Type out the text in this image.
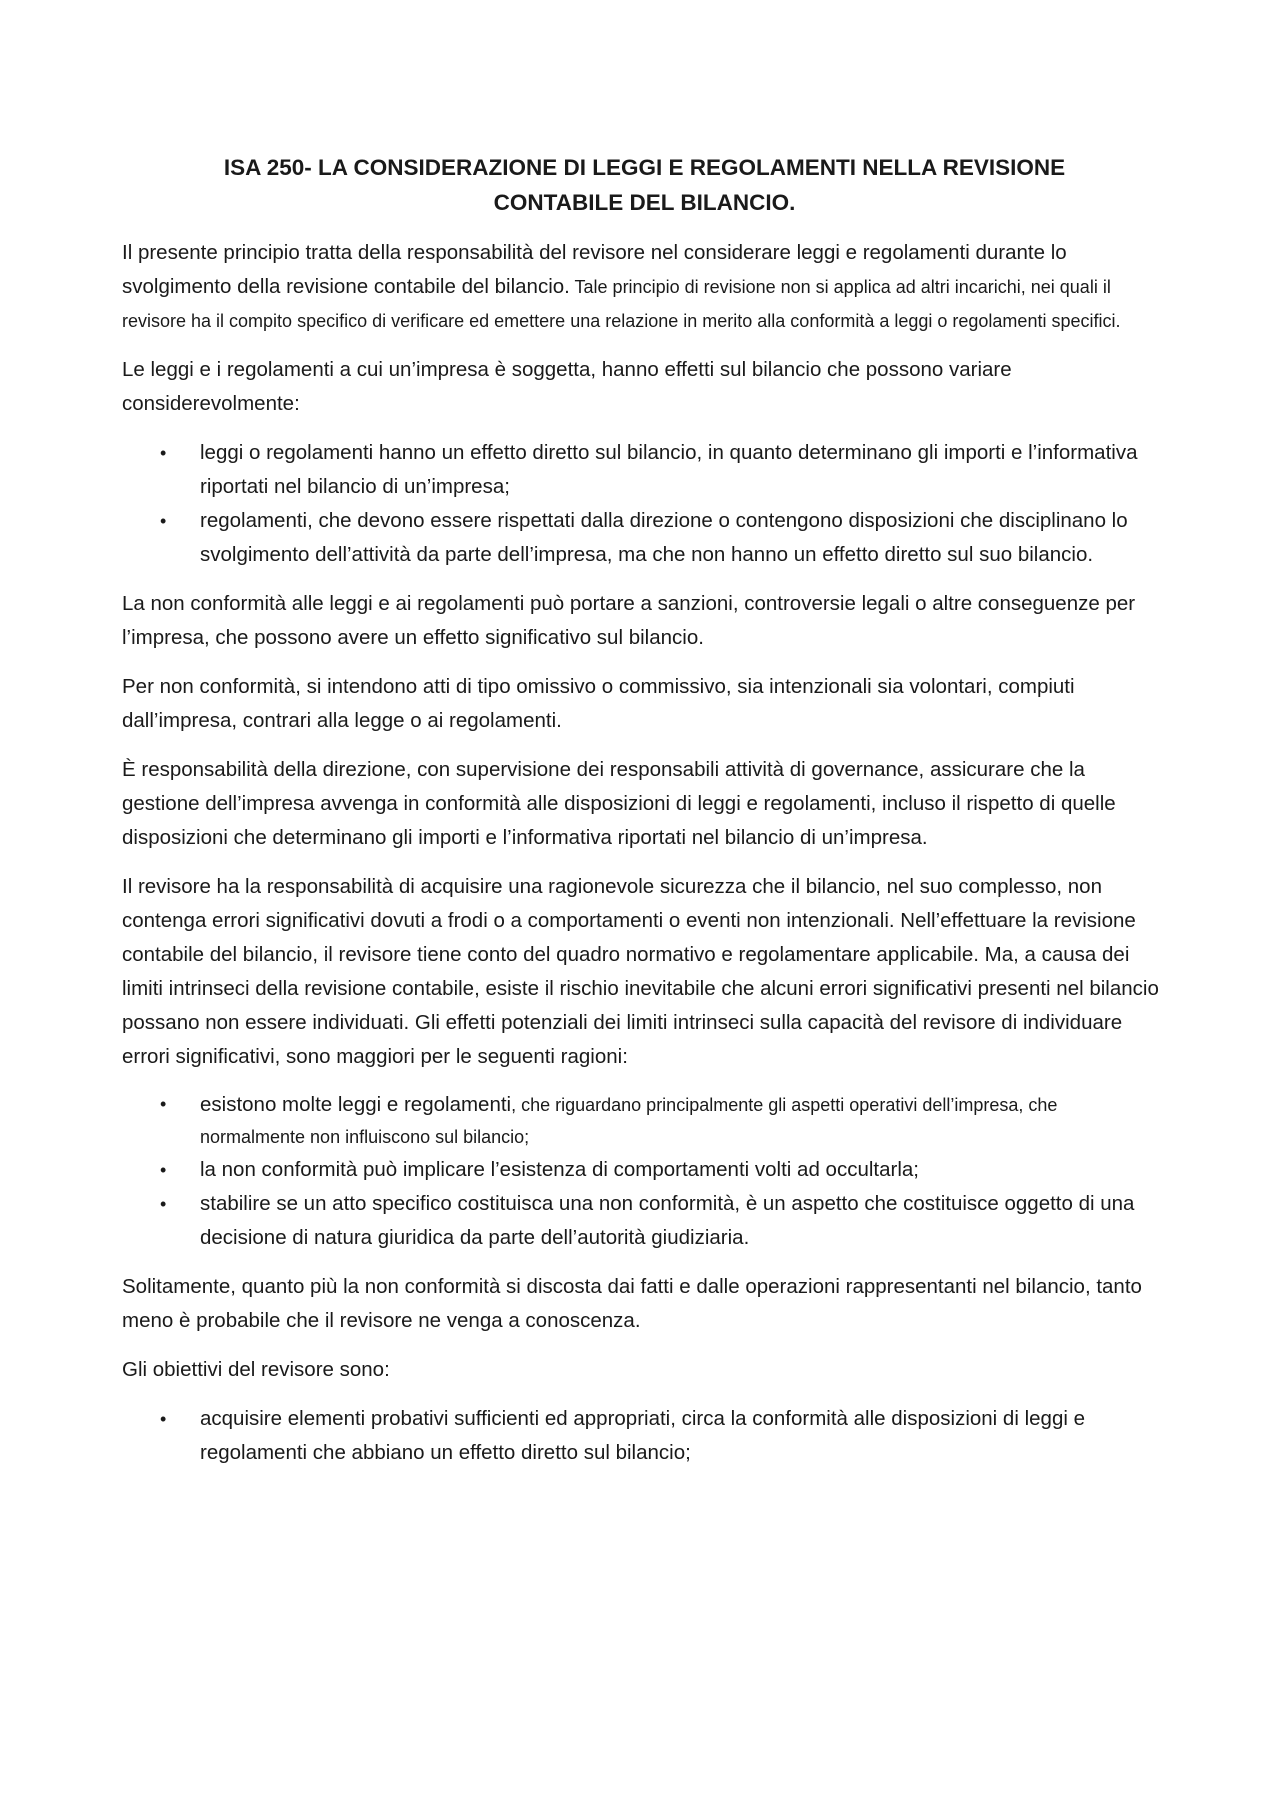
ISA 250- LA CONSIDERAZIONE DI LEGGI E REGOLAMENTI NELLA REVISIONE
CONTABILE DEL BILANCIO.

Il presente principio tratta della responsabilità del revisore nel considerare leggi e regolamenti durante lo svolgimento della revisione contabile del bilancio. Tale principio di revisione non si applica ad altri incarichi, nei quali il revisore ha il compito specifico di verificare ed emettere una relazione in merito alla conformità a leggi o regolamenti specifici.

Le leggi e i regolamenti a cui un’impresa è soggetta, hanno effetti sul bilancio che possono variare considerevolmente:

• leggi o regolamenti hanno un effetto diretto sul bilancio, in quanto determinano gli importi e l’informativa riportati nel bilancio di un’impresa;
• regolamenti, che devono essere rispettati dalla direzione o contengono disposizioni che disciplinano lo svolgimento dell’attività da parte dell’impresa, ma che non hanno un effetto diretto sul suo bilancio.

La non conformità alle leggi e ai regolamenti può portare a sanzioni, controversie legali o altre conseguenze per l’impresa, che possono avere un effetto significativo sul bilancio.

Per non conformità, si intendono atti di tipo omissivo o commissivo, sia intenzionali sia volontari, compiuti dall’impresa, contrari alla legge o ai regolamenti.

È responsabilità della direzione, con supervisione dei responsabili attività di governance, assicurare che la gestione dell’impresa avvenga in conformità alle disposizioni di leggi e regolamenti, incluso il rispetto di quelle disposizioni che determinano gli importi e l’informativa riportati nel bilancio di un’impresa.

Il revisore ha la responsabilità di acquisire una ragionevole sicurezza che il bilancio, nel suo complesso, non contenga errori significativi dovuti a frodi o a comportamenti o eventi non intenzionali. Nell’effettuare la revisione contabile del bilancio, il revisore tiene conto del quadro normativo e regolamentare applicabile. Ma, a causa dei limiti intrinseci della revisione contabile, esiste il rischio inevitabile che alcuni errori significativi presenti nel bilancio possano non essere individuati. Gli effetti potenziali dei limiti intrinseci sulla capacità del revisore di individuare errori significativi, sono maggiori per le seguenti ragioni:

• esistono molte leggi e regolamenti, che riguardano principalmente gli aspetti operativi dell’impresa, che normalmente non influiscono sul bilancio;
• la non conformità può implicare l’esistenza di comportamenti volti ad occultarla;
• stabilire se un atto specifico costituisca una non conformità, è un aspetto che costituisce oggetto di una decisione di natura giuridica da parte dell’autorità giudiziaria.

Solitamente, quanto più la non conformità si discosta dai fatti e dalle operazioni rappresentanti nel bilancio, tanto meno è probabile che il revisore ne venga a conoscenza.

Gli obiettivi del revisore sono:

• acquisire elementi probativi sufficienti ed appropriati, circa la conformità alle disposizioni di leggi e regolamenti che abbiano un effetto diretto sul bilancio;
